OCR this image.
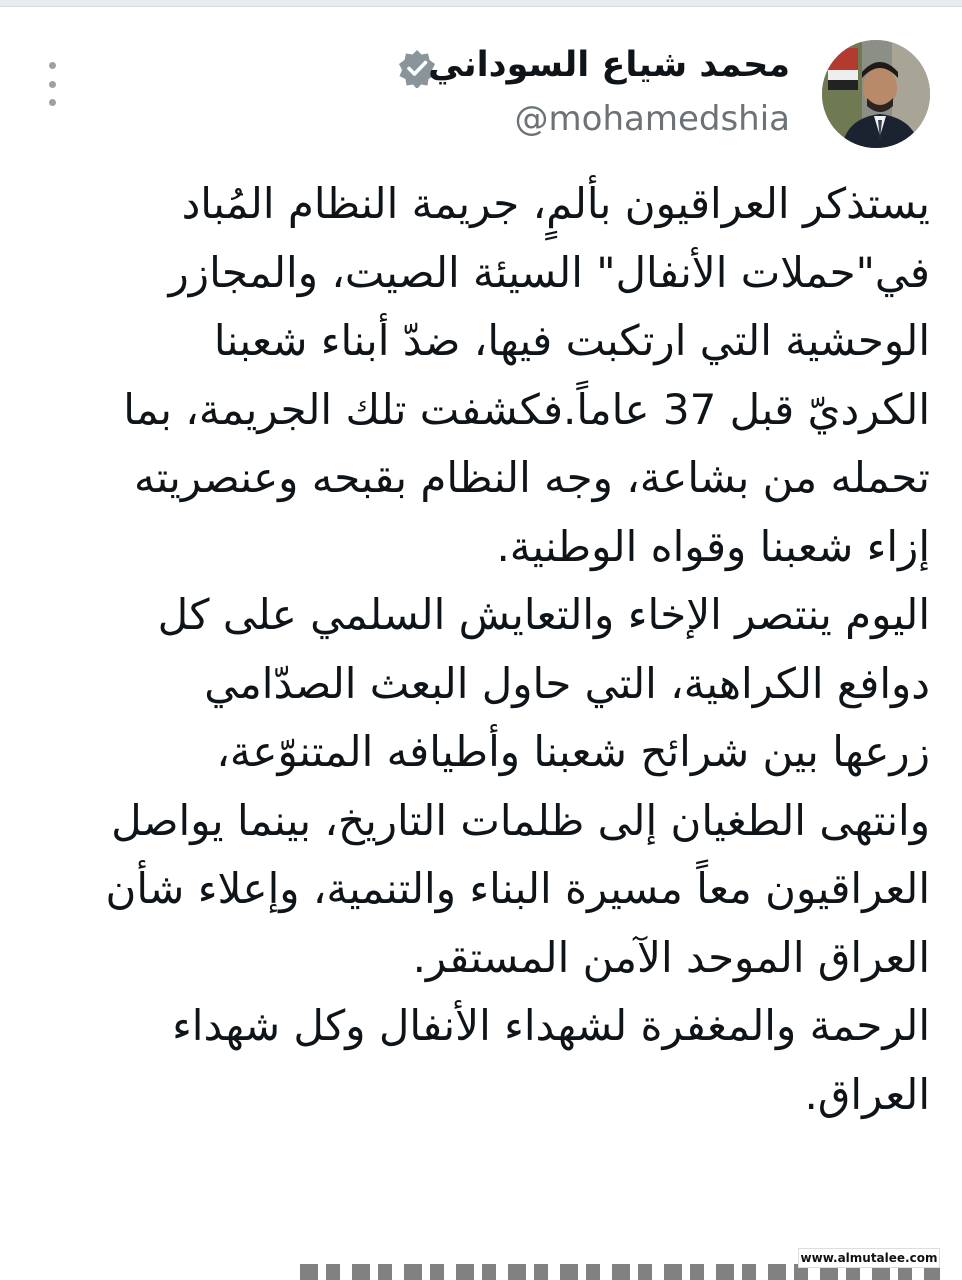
محمد شياع السوداني
@mohamedshia
يستذكر العراقيون بألمٍ، جريمة النظام المُباد
في"حملات الأنفال" السيئة الصيت، والمجازر
الوحشية التي ارتكبت فيها، ضدّ أبناء شعبنا
الكرديّ قبل 37 عاماً.فكشفت تلك الجريمة، بما
تحمله من بشاعة، وجه النظام بقبحه وعنصريته
إزاء شعبنا وقواه الوطنية.
اليوم ينتصر الإخاء والتعايش السلمي على كل
دوافع الكراهية، التي حاول البعث الصدّامي
زرعها بين شرائح شعبنا وأطيافه المتنوّعة،
وانتهى الطغيان إلى ظلمات التاريخ، بينما يواصل
العراقيون معاً مسيرة البناء والتنمية، وإعلاء شأن
العراق الموحد الآمن المستقر.
الرحمة والمغفرة لشهداء الأنفال وكل شهداء
العراق.
www.almutalee.com
